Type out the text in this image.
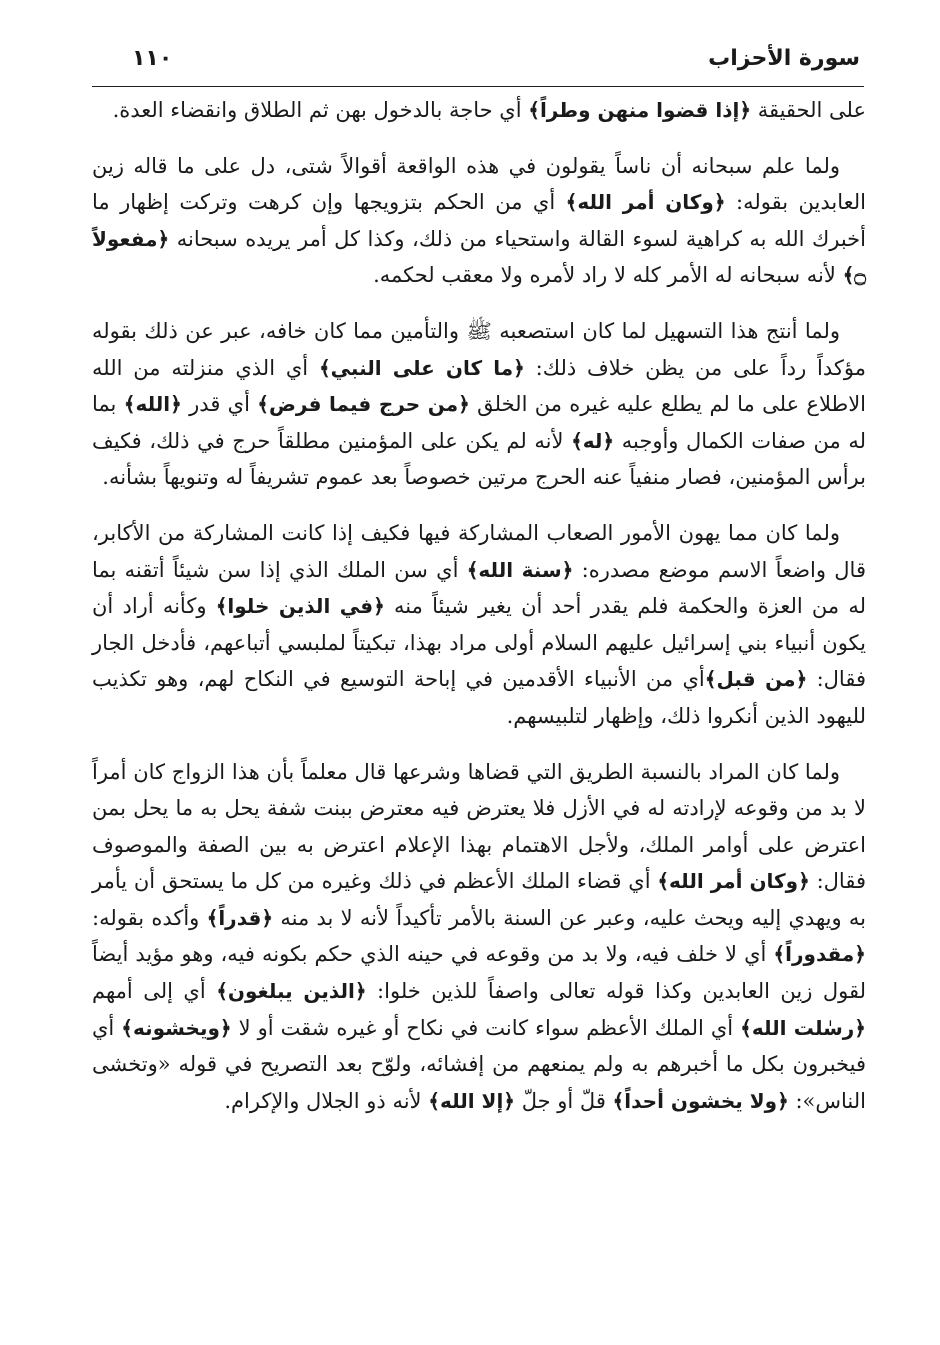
١١٠	سورة الأحزاب

على الحقيقة ﴿إذا قضوا منهن وطراً﴾ أي حاجة بالدخول بهن ثم الطلاق وانقضاء العدة.

ولما علم سبحانه أن ناساً يقولون في هذه الواقعة أقوالاً شتى، دل على ما قاله زين العابدين بقوله: ﴿وكان أمر الله﴾ أي من الحكم بتزويجها وإن كرهت وتركت إظهار ما أخبرك الله به كراهية لسوء القالة واستحياء من ذلك، وكذا كل أمر يريده سبحانه ﴿مفعولاً ۝﴾ لأنه سبحانه له الأمر كله لا راد لأمره ولا معقب لحكمه.

ولما أنتج هذا التسهيل لما كان استصعبه ﷺ والتأمين مما كان خافه، عبر عن ذلك بقوله مؤكداً رداً على من يظن خلاف ذلك: ﴿ما كان على النبي﴾ أي الذي منزلته من الله الاطلاع على ما لم يطلع عليه غيره من الخلق ﴿من حرج فيما فرض﴾ أي قدر ﴿الله﴾ بما له من صفات الكمال وأوجبه ﴿له﴾ لأنه لم يكن على المؤمنين مطلقاً حرج في ذلك، فكيف برأس المؤمنين، فصار منفياً عنه الحرج مرتين خصوصاً بعد عموم تشريفاً له وتنويهاً بشأنه.

ولما كان مما يهون الأمور الصعاب المشاركة فيها فكيف إذا كانت المشاركة من الأكابر، قال واضعاً الاسم موضع مصدره: ﴿سنة الله﴾ أي سن الملك الذي إذا سن شيئاً أتقنه بما له من العزة والحكمة فلم يقدر أحد أن يغير شيئاً منه ﴿في الذين خلوا﴾ وكأنه أراد أن يكون أنبياء بني إسرائيل عليهم السلام أولى مراد بهذا، تبكيتاً لملبسي أتباعهم، فأدخل الجار فقال: ﴿من قبل﴾أي من الأنبياء الأقدمين في إباحة التوسيع في النكاح لهم، وهو تكذيب لليهود الذين أنكروا ذلك، وإظهار لتلبيسهم.

ولما كان المراد بالنسبة الطريق التي قضاها وشرعها قال معلماً بأن هذا الزواج كان أمراً لا بد من وقوعه لإرادته له في الأزل فلا يعترض فيه معترض ببنت شفة يحل به ما يحل بمن اعترض على أوامر الملك، ولأجل الاهتمام بهذا الإعلام اعترض به بين الصفة والموصوف فقال: ﴿وكان أمر الله﴾ أي قضاء الملك الأعظم في ذلك وغيره من كل ما يستحق أن يأمر به ويهدي إليه ويحث عليه، وعبر عن السنة بالأمر تأكيداً لأنه لا بد منه ﴿قدراً﴾ وأكده بقوله: ﴿مقدوراً﴾ أي لا خلف فيه، ولا بد من وقوعه في حينه الذي حكم بكونه فيه، وهو مؤيد أيضاً لقول زين العابدين وكذا قوله تعالى واصفاً للذين خلوا: ﴿الذين يبلغون﴾ أي إلى أمهم ﴿رسٰلت الله﴾ أي الملك الأعظم سواء كانت في نكاح أو غيره شقت أو لا ﴿ويخشونه﴾ أي فيخبرون بكل ما أخبرهم به ولم يمنعهم من إفشائه، ولوّح بعد التصريح في قوله «وتخشى الناس»: ﴿ولا يخشون أحداً﴾ قلّ أو جلّ ﴿إلا الله﴾ لأنه ذو الجلال والإكرام.
